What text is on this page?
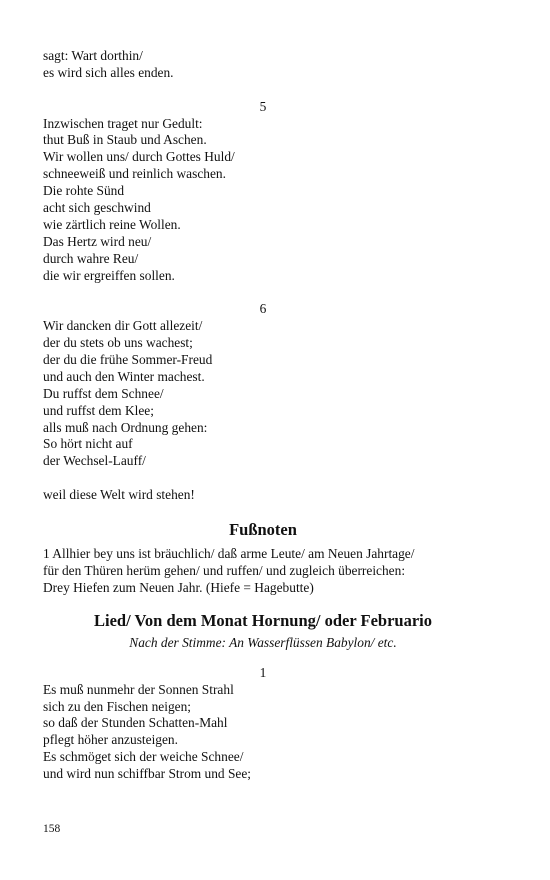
sagt: Wart dorthin/
es wird sich alles enden.
5
Inzwischen traget nur Gedult:
thut Buß in Staub und Aschen.
Wir wollen uns/ durch Gottes Huld/
schneeweiß und reinlich waschen.
Die rohte Sünd
acht sich geschwind
wie zärtlich reine Wollen.
Das Hertz wird neu/
durch wahre Reu/
die wir ergreiffen sollen.
6
Wir dancken dir Gott allezeit/
der du stets ob uns wachest;
der du die frühe Sommer-Freud
und auch den Winter machest.
Du ruffst dem Schnee/
und ruffst dem Klee;
alls muß nach Ordnung gehen:
So hört nicht auf
der Wechsel-Lauff/
weil diese Welt wird stehen!
Fußnoten
1 Allhier bey uns ist bräuchlich/ daß arme Leute/ am Neuen Jahrtage/
für den Thüren herüm gehen/ und ruffen/ und zugleich überreichen:
Drey Hiefen zum Neuen Jahr. (Hiefe = Hagebutte)
Lied/ Von dem Monat Hornung/ oder Februario
Nach der Stimme: An Wasserflüssen Babylon/ etc.
1
Es muß nunmehr der Sonnen Strahl
sich zu den Fischen neigen;
so daß der Stunden Schatten-Mahl
pflegt höher anzusteigen.
Es schmöget sich der weiche Schnee/
und wird nun schiffbar Strom und See;
158
